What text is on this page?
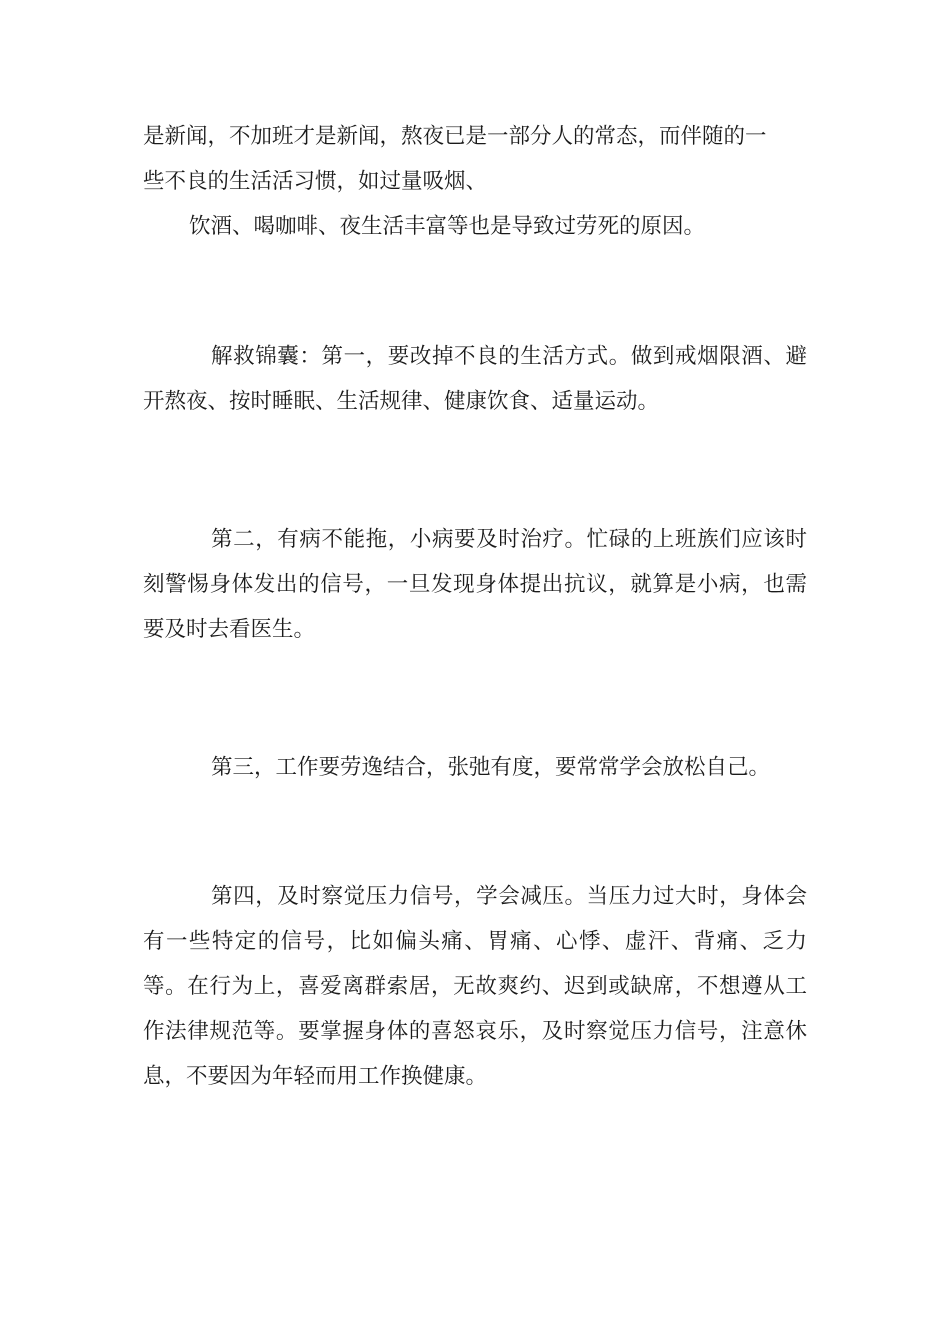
是新闻，不加班才是新闻，熬夜已是一部分人的常态，而伴随的一
些不良的生活活习惯，如过量吸烟、
饮酒、喝咖啡、夜生活丰富等也是导致过劳死的原因。

解救锦囊：第一，要改掉不良的生活方式。做到戒烟限酒、避开熬夜、按时睡眠、生活规律、健康饮食、适量运动。

第二，有病不能拖，小病要及时治疗。忙碌的上班族们应该时刻警惕身体发出的信号，一旦发现身体提出抗议，就算是小病，也需要及时去看医生。

第三，工作要劳逸结合，张弛有度，要常常学会放松自己。

第四，及时察觉压力信号，学会减压。当压力过大时，身体会有一些特定的信号，比如偏头痛、胃痛、心悸、虚汗、背痛、乏力等。在行为上，喜爱离群索居，无故爽约、迟到或缺席，不想遵从工作法律规范等。要掌握身体的喜怒哀乐，及时察觉压力信号，注意休息，不要因为年轻而用工作换健康。
